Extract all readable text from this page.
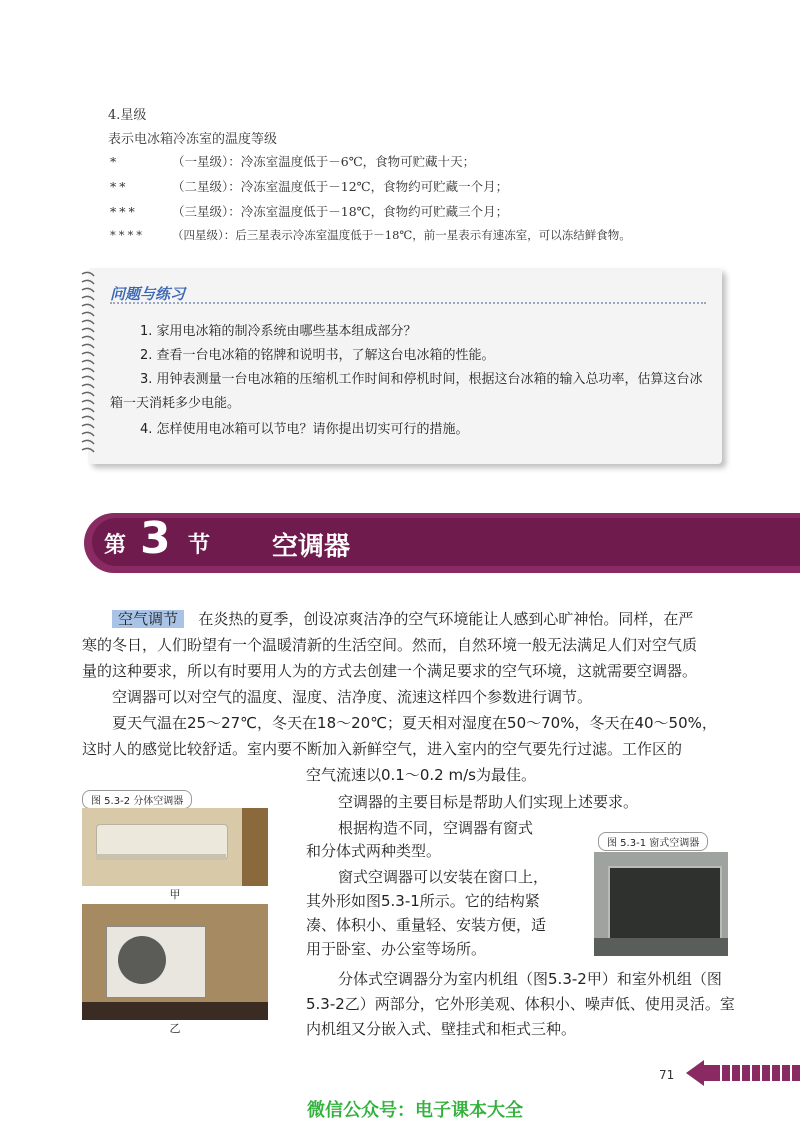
4.星级
表示电冰箱冷冻室的温度等级
*	（一星级）：冷冻室温度低于－6℃，食物可贮藏十天；
**	（二星级）：冷冻室温度低于－12℃，食物约可贮藏一个月；
***	（三星级）：冷冻室温度低于－18℃，食物约可贮藏三个月；
**** （四星级）：后三星表示冷冻室温度低于－18℃，前一星表示有速冻室，可以冻结鲜食物。
问题与练习
1. 家用电冰箱的制冷系统由哪些基本组成部分？
2. 查看一台电冰箱的铭牌和说明书，了解这台电冰箱的性能。
3. 用钟表测量一台电冰箱的压缩机工作时间和停机时间，根据这台冰箱的输入总功率，估算这台冰箱一天消耗多少电能。
4. 怎样使用电冰箱可以节电？请你提出切实可行的措施。
第 3 节 空调器
空气调节 在炎热的夏季，创设凉爽洁净的空气环境能让人感到心旷神怡。同样，在严
寒的冬日，人们盼望有一个温暖清新的生活空间。然而，自然环境一般无法满足人们对空气质
量的这种要求，所以有时要用人为的方式去创建一个满足要求的空气环境，这就需要空调器。
空调器可以对空气的温度、湿度、洁净度、流速这样四个参数进行调节。
夏天气温在25～27℃，冬天在18～20℃；夏天相对湿度在50～70%，冬天在40～50%，
这时人的感觉比较舒适。室内要不断加入新鲜空气，进入室内的空气要先行过滤。工作区的
空气流速以0.1～0.2 m/s为最佳。
空调器的主要目标是帮助人们实现上述要求。
根据构造不同，空调器有窗式
和分体式两种类型。
窗式空调器可以安装在窗口上，
其外形如图5.3-1所示。它的结构紧
凑、体积小、重量轻、安装方便，适
用于卧室、办公室等场所。
分体式空调器分为室内机组（图5.3-2甲）和室外机组（图
5.3-2乙）两部分，它外形美观、体积小、噪声低、使用灵活。室
内机组又分嵌入式、壁挂式和柜式三种。
图 5.3-2 分体空调器
甲
乙
图 5.3-1 窗式空调器
71
微信公众号：电子课本大全
